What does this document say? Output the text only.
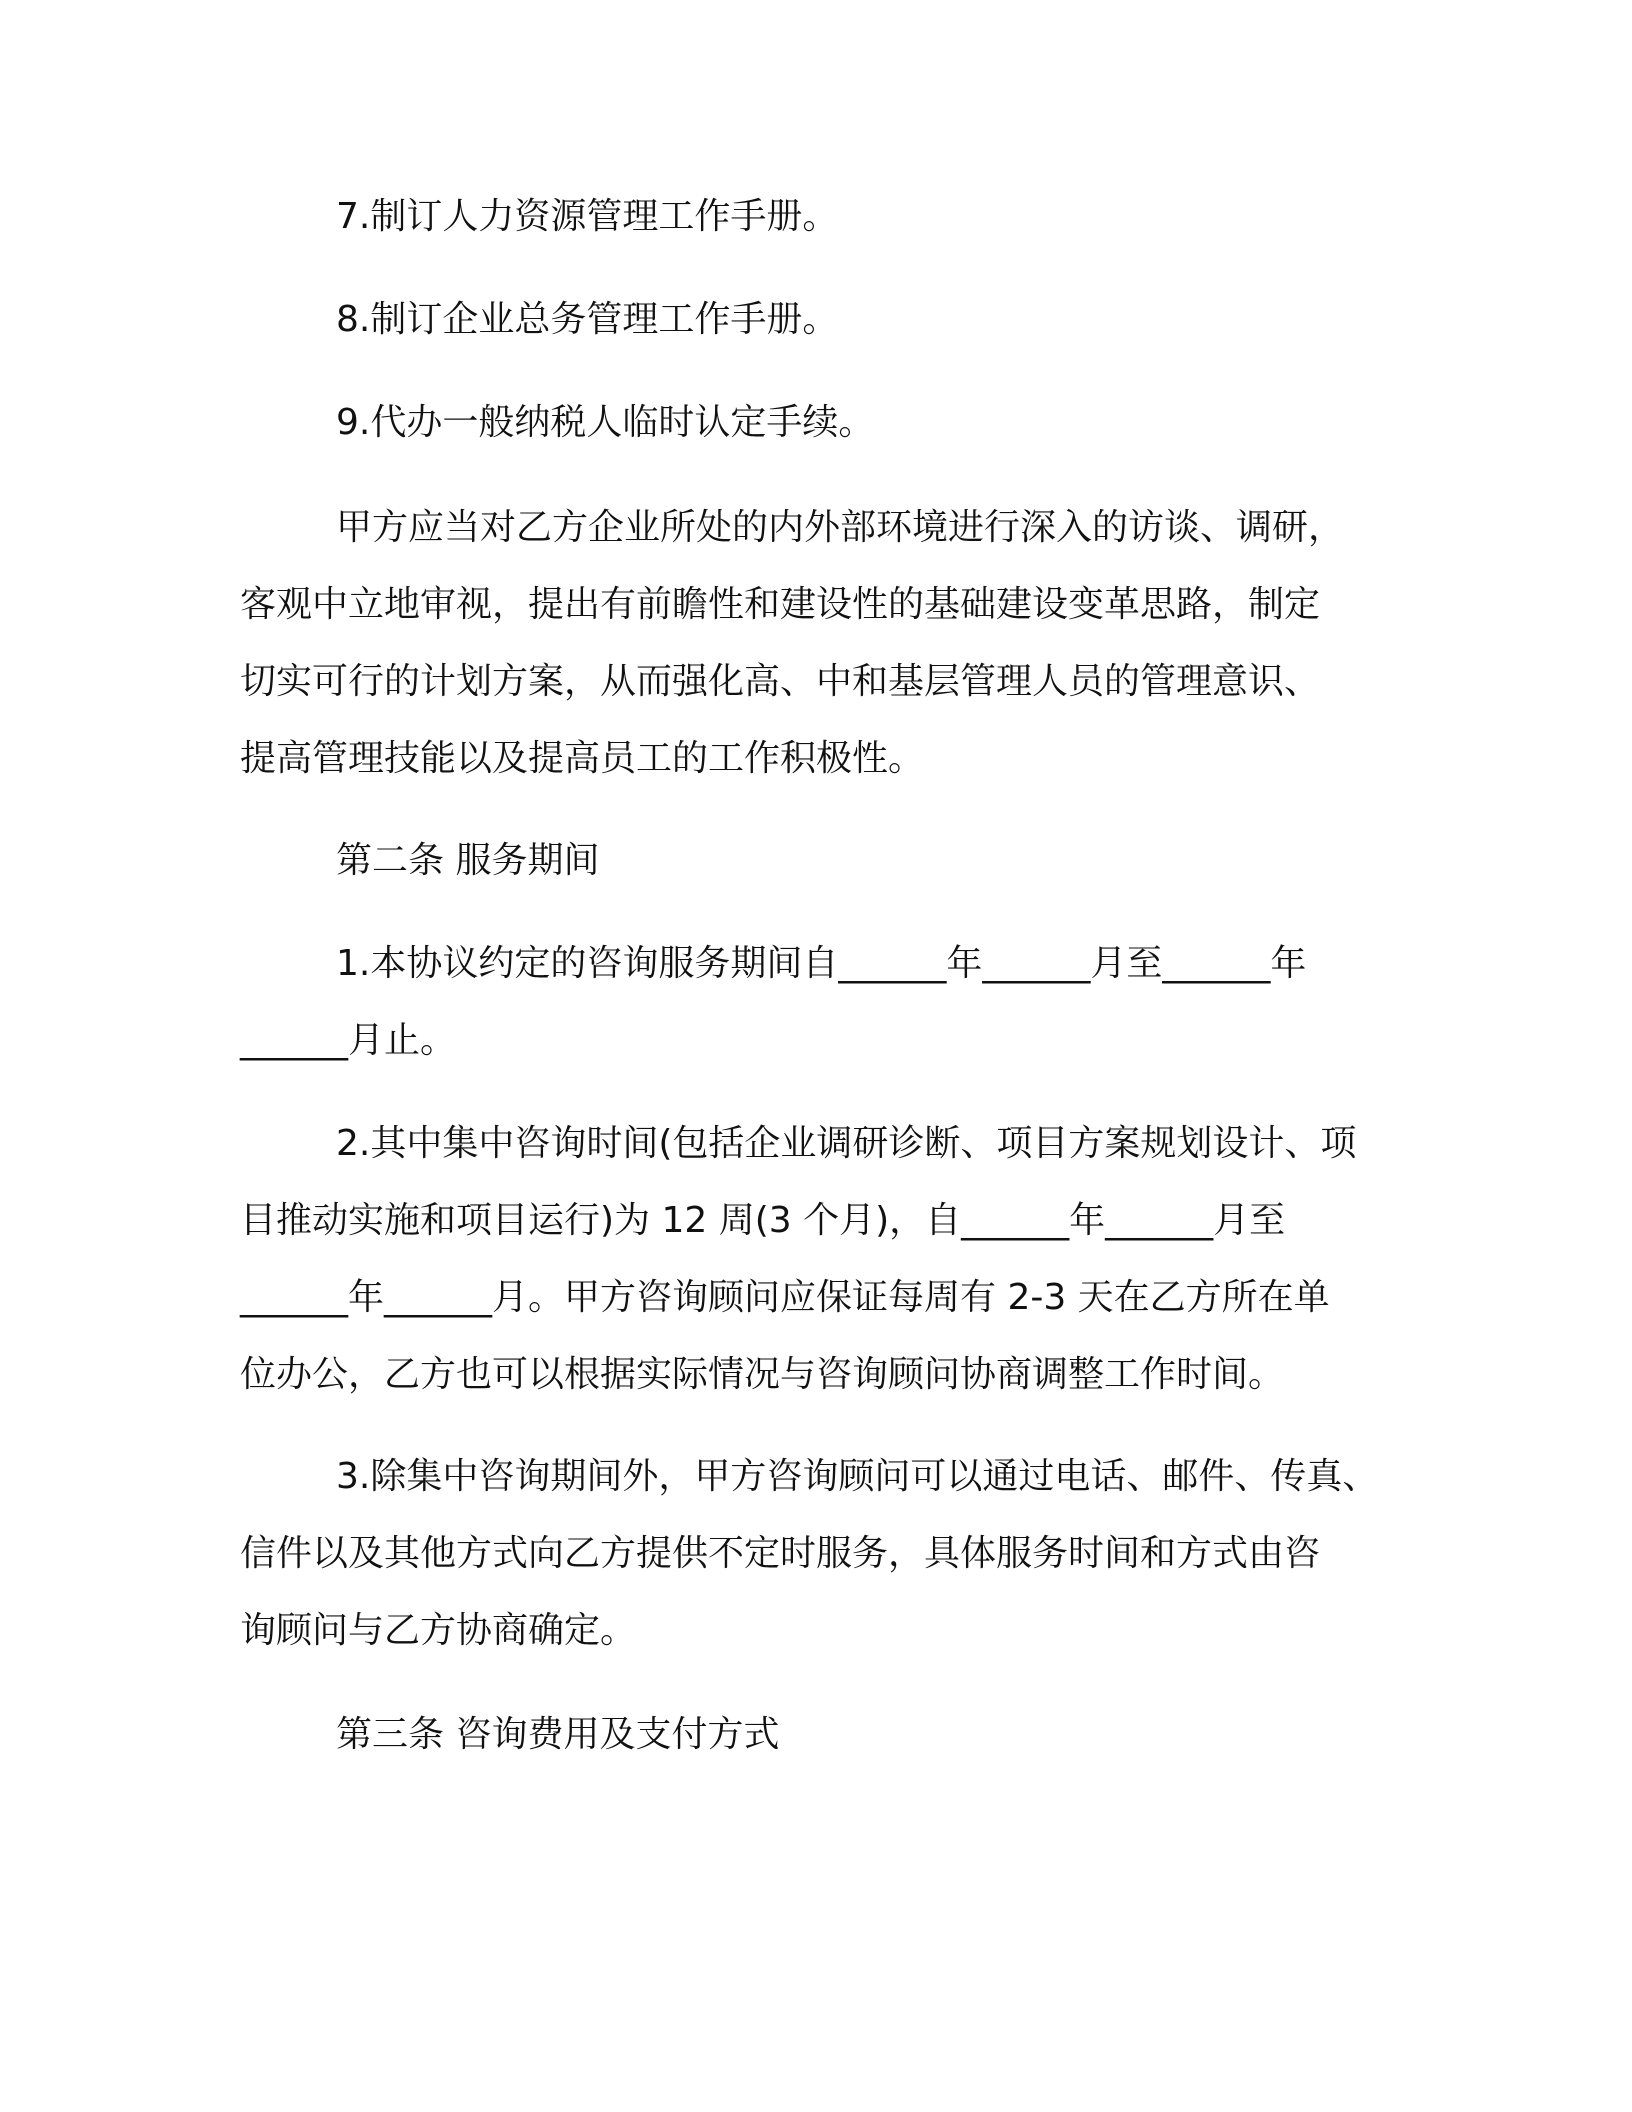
7.制订人力资源管理工作手册。

8.制订企业总务管理工作手册。

9.代办一般纳税人临时认定手续。

甲方应当对乙方企业所处的内外部环境进行深入的访谈、调研，

客观中立地审视，提出有前瞻性和建设性的基础建设变革思路，制定

切实可行的计划方案，从而强化高、中和基层管理人员的管理意识、

提高管理技能以及提高员工的工作积极性。

第二条 服务期间

1.本协议约定的咨询服务期间自______年______月至______年

______月止。

2.其中集中咨询时间(包括企业调研诊断、项目方案规划设计、项

目推动实施和项目运行)为 12 周(3 个月)，自______年______月至

______年______月。甲方咨询顾问应保证每周有 2-3 天在乙方所在单

位办公，乙方也可以根据实际情况与咨询顾问协商调整工作时间。

3.除集中咨询期间外，甲方咨询顾问可以通过电话、邮件、传真、

信件以及其他方式向乙方提供不定时服务，具体服务时间和方式由咨

询顾问与乙方协商确定。

第三条 咨询费用及支付方式
